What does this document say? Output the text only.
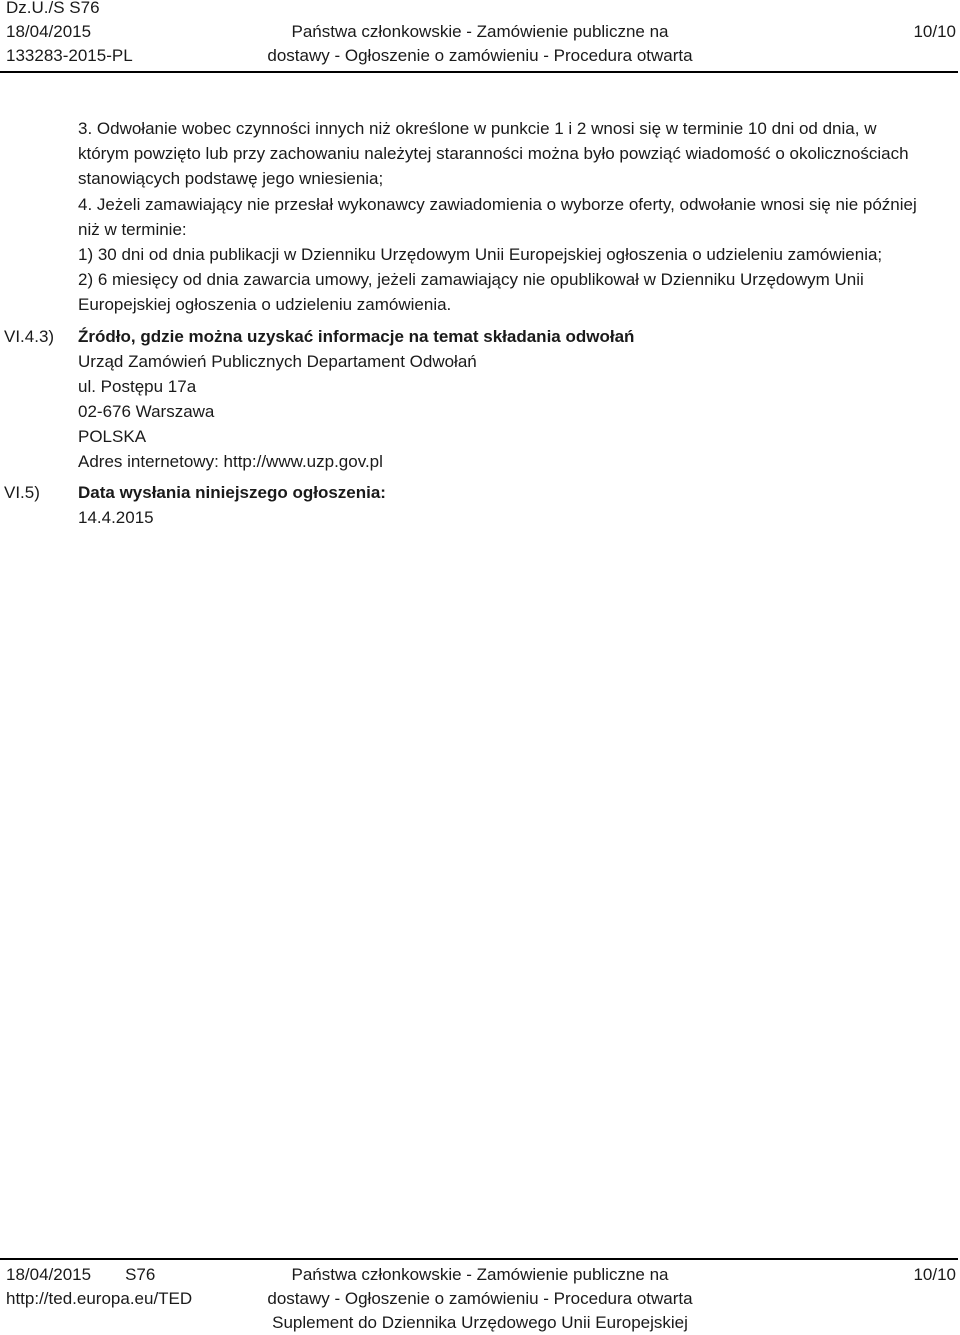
Dz.U./S S76
18/04/2015
133283-2015-PL
Państwa członkowskie - Zamówienie publiczne na
dostawy - Ogłoszenie o zamówieniu - Procedura otwarta
10/10
3. Odwołanie wobec czynności innych niż określone w punkcie 1 i 2 wnosi się w terminie 10 dni od dnia, w
którym powzięto lub przy zachowaniu należytej staranności można było powziąć wiadomość o okolicznościach
stanowiących podstawę jego wniesienia;
4. Jeżeli zamawiający nie przesłał wykonawcy zawiadomienia o wyborze oferty, odwołanie wnosi się nie później
niż w terminie:
1) 30 dni od dnia publikacji w Dzienniku Urzędowym Unii Europejskiej ogłoszenia o udzieleniu zamówienia;
2) 6 miesięcy od dnia zawarcia umowy, jeżeli zamawiający nie opublikował w Dzienniku Urzędowym Unii
Europejskiej ogłoszenia o udzieleniu zamówienia.
VI.4.3)	Źródło, gdzie można uzyskać informacje na temat składania odwołań
Urząd Zamówień Publicznych Departament Odwołań
ul. Postępu 17a
02-676 Warszawa
POLSKA
Adres internetowy: http://www.uzp.gov.pl
VI.5)	Data wysłania niniejszego ogłoszenia:
14.4.2015
18/04/2015 S76
http://ted.europa.eu/TED
Państwa członkowskie - Zamówienie publiczne na
dostawy - Ogłoszenie o zamówieniu - Procedura otwarta
Suplement do Dziennika Urzędowego Unii Europejskiej
10/10
